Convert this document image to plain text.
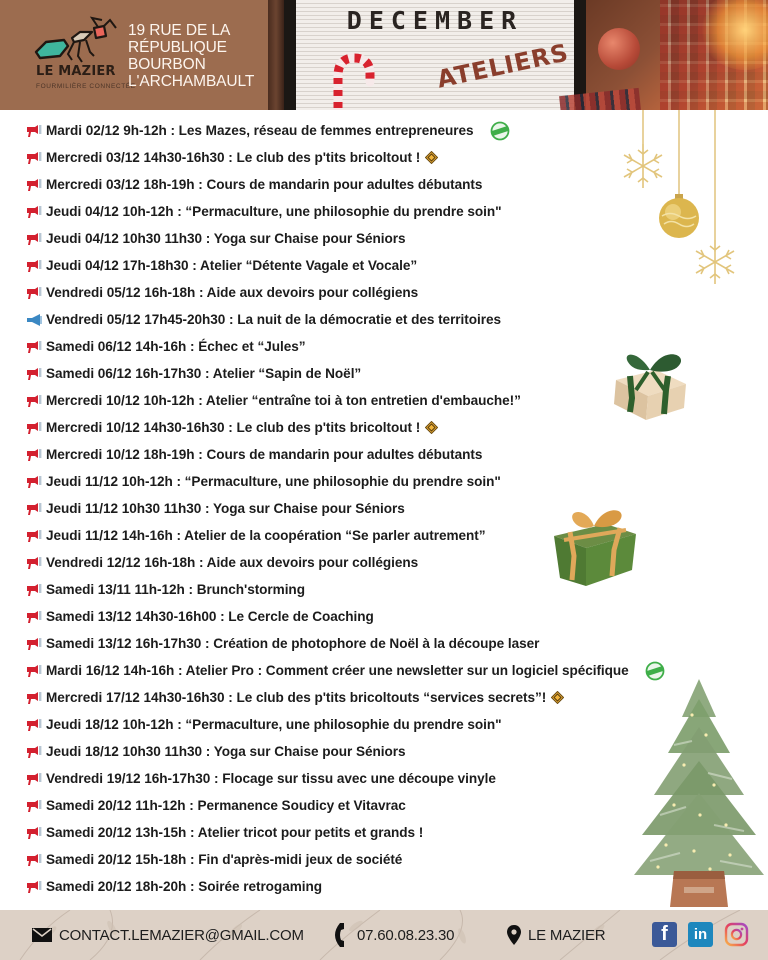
LE MAZIER
FOURMILIÈRE CONNECTÉE
19 RUE DE LA
RÉPUBLIQUE
BOURBON
L'ARCHAMBAULT
DECEMBER
ATELIERS
Mardi 02/12 9h-12h : Les Mazes, réseau de femmes entrepreneures
Mercredi 03/12 14h30-16h30 : Le club des p'tits bricoltout !
Mercredi 03/12 18h-19h : Cours de mandarin pour adultes débutants
Jeudi 04/12 10h-12h : “Permaculture, une philosophie du prendre soin"
Jeudi 04/12 10h30 11h30 : Yoga sur Chaise pour Séniors
Jeudi 04/12 17h-18h30 : Atelier “Détente Vagale et Vocale”
Vendredi 05/12 16h-18h : Aide aux devoirs pour collégiens
Vendredi 05/12 17h45-20h30 : La nuit de la démocratie et des territoires
Samedi 06/12 14h-16h : Échec et “Jules”
Samedi 06/12 16h-17h30 : Atelier “Sapin de Noël”
Mercredi 10/12 10h-12h : Atelier “entraîne toi à ton entretien d'embauche!”
Mercredi 10/12 14h30-16h30 : Le club des p'tits bricoltout !
Mercredi 10/12 18h-19h : Cours de mandarin pour adultes débutants
Jeudi 11/12 10h-12h : “Permaculture, une philosophie du prendre soin"
Jeudi 11/12 10h30 11h30 : Yoga sur Chaise pour Séniors
Jeudi 11/12 14h-16h : Atelier de la coopération “Se parler autrement”
Vendredi 12/12 16h-18h : Aide aux devoirs pour collégiens
Samedi 13/11 11h-12h : Brunch'storming
Samedi 13/12 14h30-16h00 : Le Cercle de Coaching
Samedi 13/12 16h-17h30 : Création de photophore de Noël à la découpe laser
Mardi 16/12 14h-16h : Atelier Pro : Comment créer une newsletter sur un logiciel spécifique
Mercredi 17/12 14h30-16h30 : Le club des p'tits bricoltouts “services secrets”!
Jeudi 18/12 10h-12h : “Permaculture, une philosophie du prendre soin"
Jeudi 18/12 10h30 11h30 : Yoga sur Chaise pour Séniors
Vendredi 19/12 16h-17h30 : Flocage sur tissu avec une découpe vinyle
Samedi 20/12 11h-12h : Permanence Soudicy et Vitavrac
Samedi 20/12 13h-15h : Atelier tricot pour petits et grands !
Samedi 20/12 15h-18h : Fin d'après-midi jeux de société
Samedi 20/12 18h-20h : Soirée retrogaming
CONTACT.LEMAZIER@GMAIL.COM	07.60.08.23.30	LE MAZIER	f in
